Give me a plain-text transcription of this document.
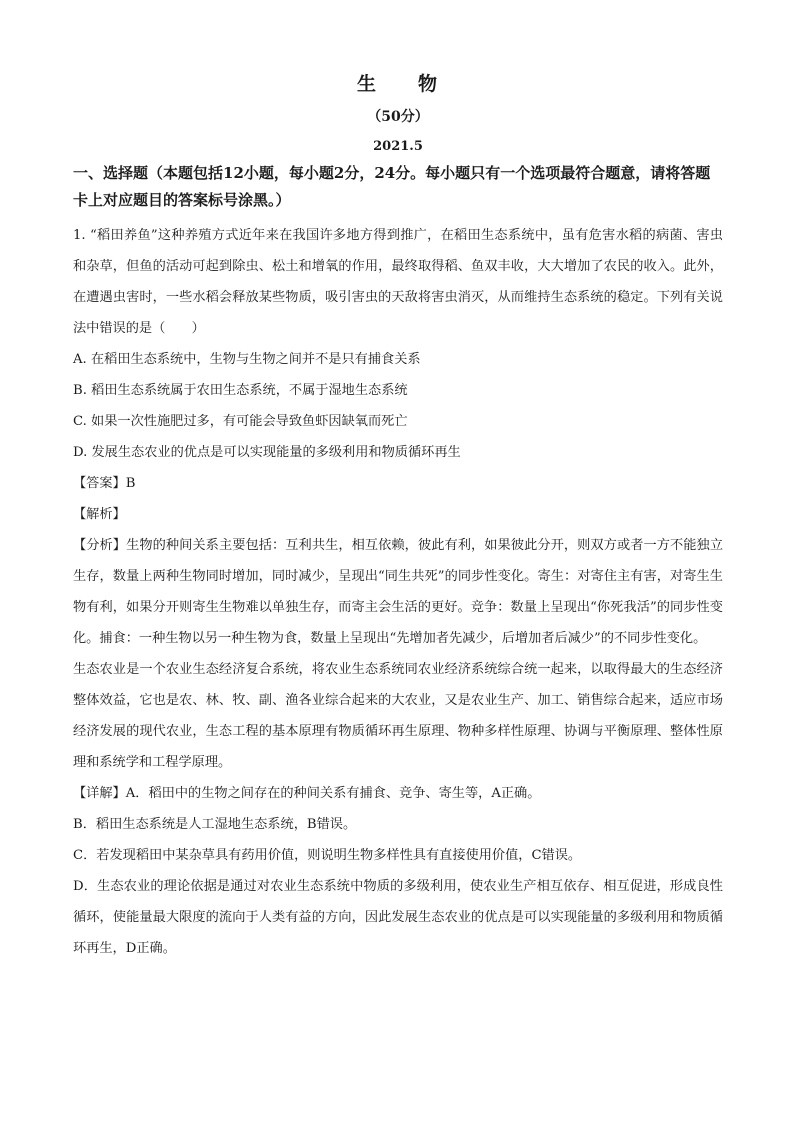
生 物
（50分）
2021.5

一、选择题（本题包括12小题，每小题2分，24分。每小题只有一个选项最符合题意，请将答题卡上对应题目的答案标号涂黑。）

1. “稻田养鱼”这种养殖方式近年来在我国许多地方得到推广，在稻田生态系统中，虽有危害水稻的病菌、害虫和杂草，但鱼的活动可起到除虫、松土和增氧的作用，最终取得稻、鱼双丰收，大大增加了农民的收入。此外，在遭遇虫害时，一些水稻会释放某些物质，吸引害虫的天敌将害虫消灭，从而维持生态系统的稳定。下列有关说法中错误的是（　　）

A. 在稻田生态系统中，生物与生物之间并不是只有捕食关系

B. 稻田生态系统属于农田生态系统，不属于湿地生态系统

C. 如果一次性施肥过多，有可能会导致鱼虾因缺氧而死亡

D. 发展生态农业的优点是可以实现能量的多级利用和物质循环再生

【答案】B

【解析】

【分析】生物的种间关系主要包括：互利共生，相互依赖，彼此有利，如果彼此分开，则双方或者一方不能独立生存，数量上两种生物同时增加，同时减少，呈现出“同生共死”的同步性变化。寄生：对寄住主有害，对寄生生物有利，如果分开则寄生生物难以单独生存，而寄主会生活的更好。竞争：数量上呈现出“你死我活”的同步性变化。捕食：一种生物以另一种生物为食，数量上呈现出“先增加者先减少，后增加者后减少”的不同步性变化。

生态农业是一个农业生态经济复合系统，将农业生态系统同农业经济系统综合统一起来，以取得最大的生态经济整体效益，它也是农、林、牧、副、渔各业综合起来的大农业，又是农业生产、加工、销售综合起来，适应市场经济发展的现代农业，生态工程的基本原理有物质循环再生原理、物种多样性原理、协调与平衡原理、整体性原理和系统学和工程学原理。

【详解】A．稻田中的生物之间存在的种间关系有捕食、竞争、寄生等，A正确。

B．稻田生态系统是人工湿地生态系统，B错误。

C．若发现稻田中某杂草具有药用价值，则说明生物多样性具有直接使用价值，C错误。

D．生态农业的理论依据是通过对农业生态系统中物质的多级利用，使农业生产相互依存、相互促进，形成良性循环，使能量最大限度的流向于人类有益的方向，因此发展生态农业的优点是可以实现能量的多级利用和物质循环再生，D正确。
